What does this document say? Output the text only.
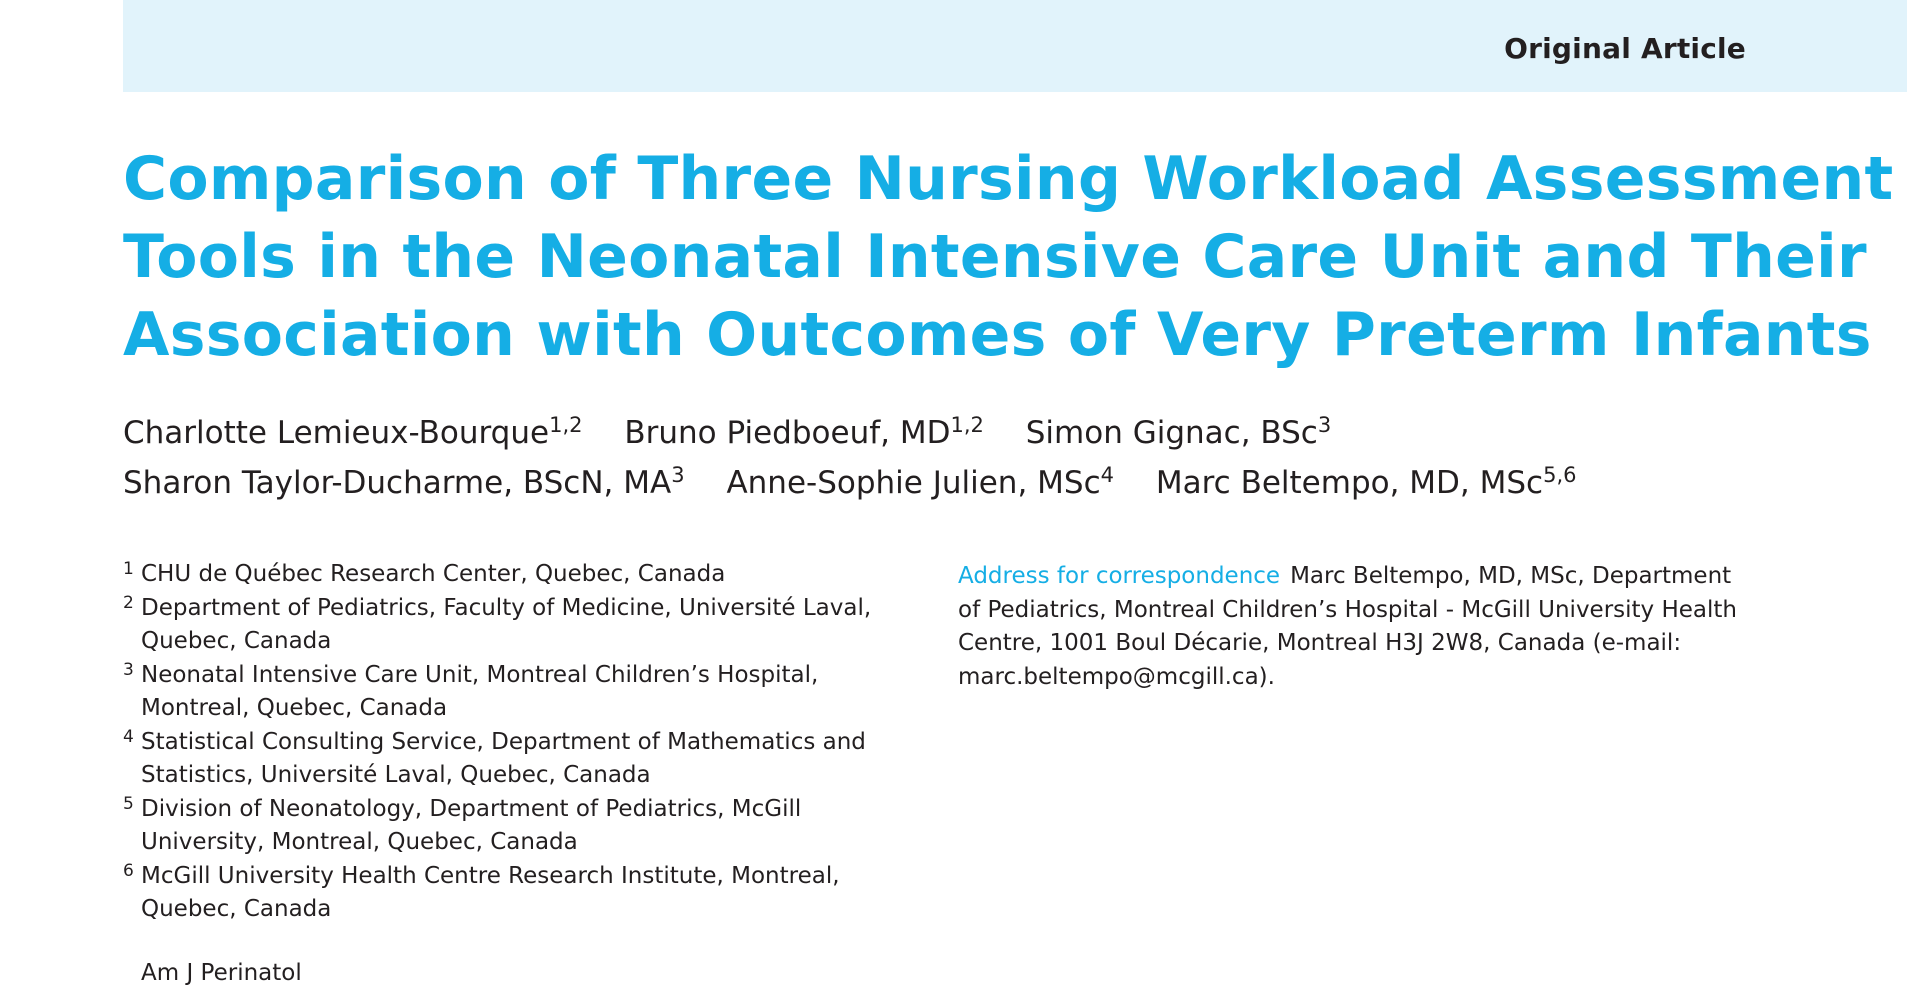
Original Article
Comparison of Three Nursing Workload Assessment
Tools in the Neonatal Intensive Care Unit and Their
Association with Outcomes of Very Preterm Infants
Charlotte Lemieux-Bourque$^{1,2}$ Bruno Piedboeuf, MD$^{1,2}$ Simon Gignac, BSc$^3$
Sharon Taylor-Ducharme, BScN, $MA^3$ Anne-Sophie Julien, MSc$^4$ Marc Beltempo, MD, MSc$^{5,6}$
1 CHU de Québec Research Center, Quebec, Canada
2 Department of Pediatrics, Faculty of Medicine, Université Laval, Quebec, Canada
3 Neonatal Intensive Care Unit, Montreal Children’s Hospital, Montreal, Quebec, Canada
4 Statistical Consulting Service, Department of Mathematics and Statistics, Université Laval, Quebec, Canada
5 Division of Neonatology, Department of Pediatrics, McGill University, Montreal, Quebec, Canada
6 McGill University Health Centre Research Institute, Montreal, Quebec, Canada
Am J Perinatol
Address for correspondence Marc Beltempo, MD, MSc, Department of Pediatrics, Montreal Children’s Hospital - McGill University Health Centre, 1001 Boul Décarie, Montreal H3J 2W8, Canada (e-mail: marc.beltempo@mcgill.ca).
